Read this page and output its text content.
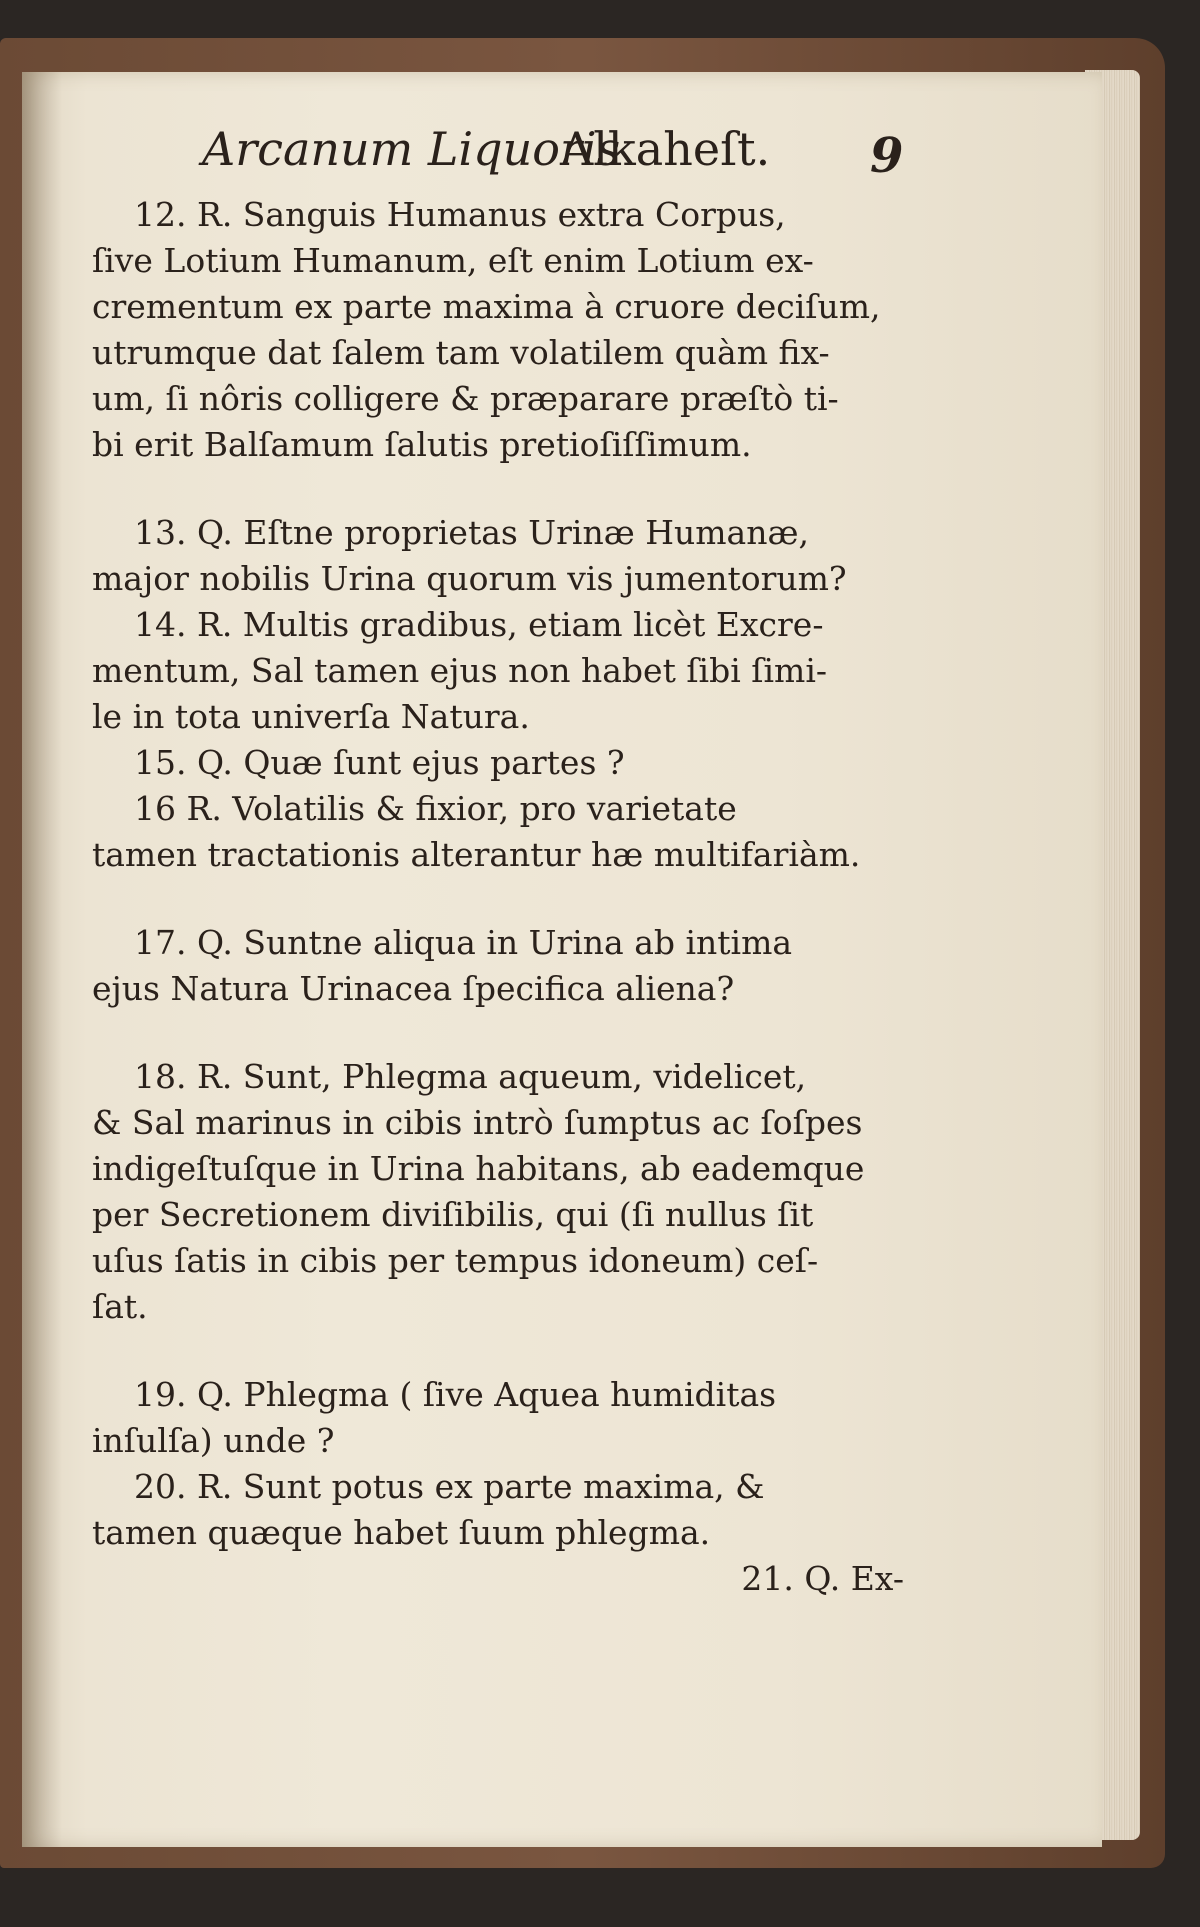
Arcanum Liquoris
Alkaheſt. 9
12. R. Sanguis Humanus extra Corpus,
ſive Lotium Humanum, eſt enim Lotium ex-
crementum ex parte maxima à cruore deciſum,
utrumque dat ſalem tam volatilem quàm fix-
um, ſi nôris colligere & præparare præſtò ti-
bi erit Balſamum ſalutis pretioſiſſimum.
13. Q. Eſtne proprietas Urinæ Humanæ,
major nobilis Urina quorum vis jumentorum?
14. R. Multis gradibus, etiam licèt Excre-
mentum, Sal tamen ejus non habet ſibi ſimi-
le in tota univerſa Natura.
15. Q. Quæ ſunt ejus partes ?
16 R. Volatilis & fixior, pro varietate
tamen tractationis alterantur hæ multifariàm.
17. Q. Suntne aliqua in Urina ab intima
ejus Natura Urinacea ſpecifica aliena?
18. R. Sunt, Phlegma aqueum, videlicet,
& Sal marinus in cibis intrò ſumptus ac ſoſpes
indigeſtuſque in Urina habitans, ab eademque
per Secretionem diviſibilis, qui (ſi nullus ſit
uſus ſatis in cibis per tempus idoneum) ceſ-
ſat.
19. Q. Phlegma ( ſive Aquea humiditas
inſulſa) unde ?
20. R. Sunt potus ex parte maxima, &
tamen quæque habet ſuum phlegma.
21. Q. Ex-
